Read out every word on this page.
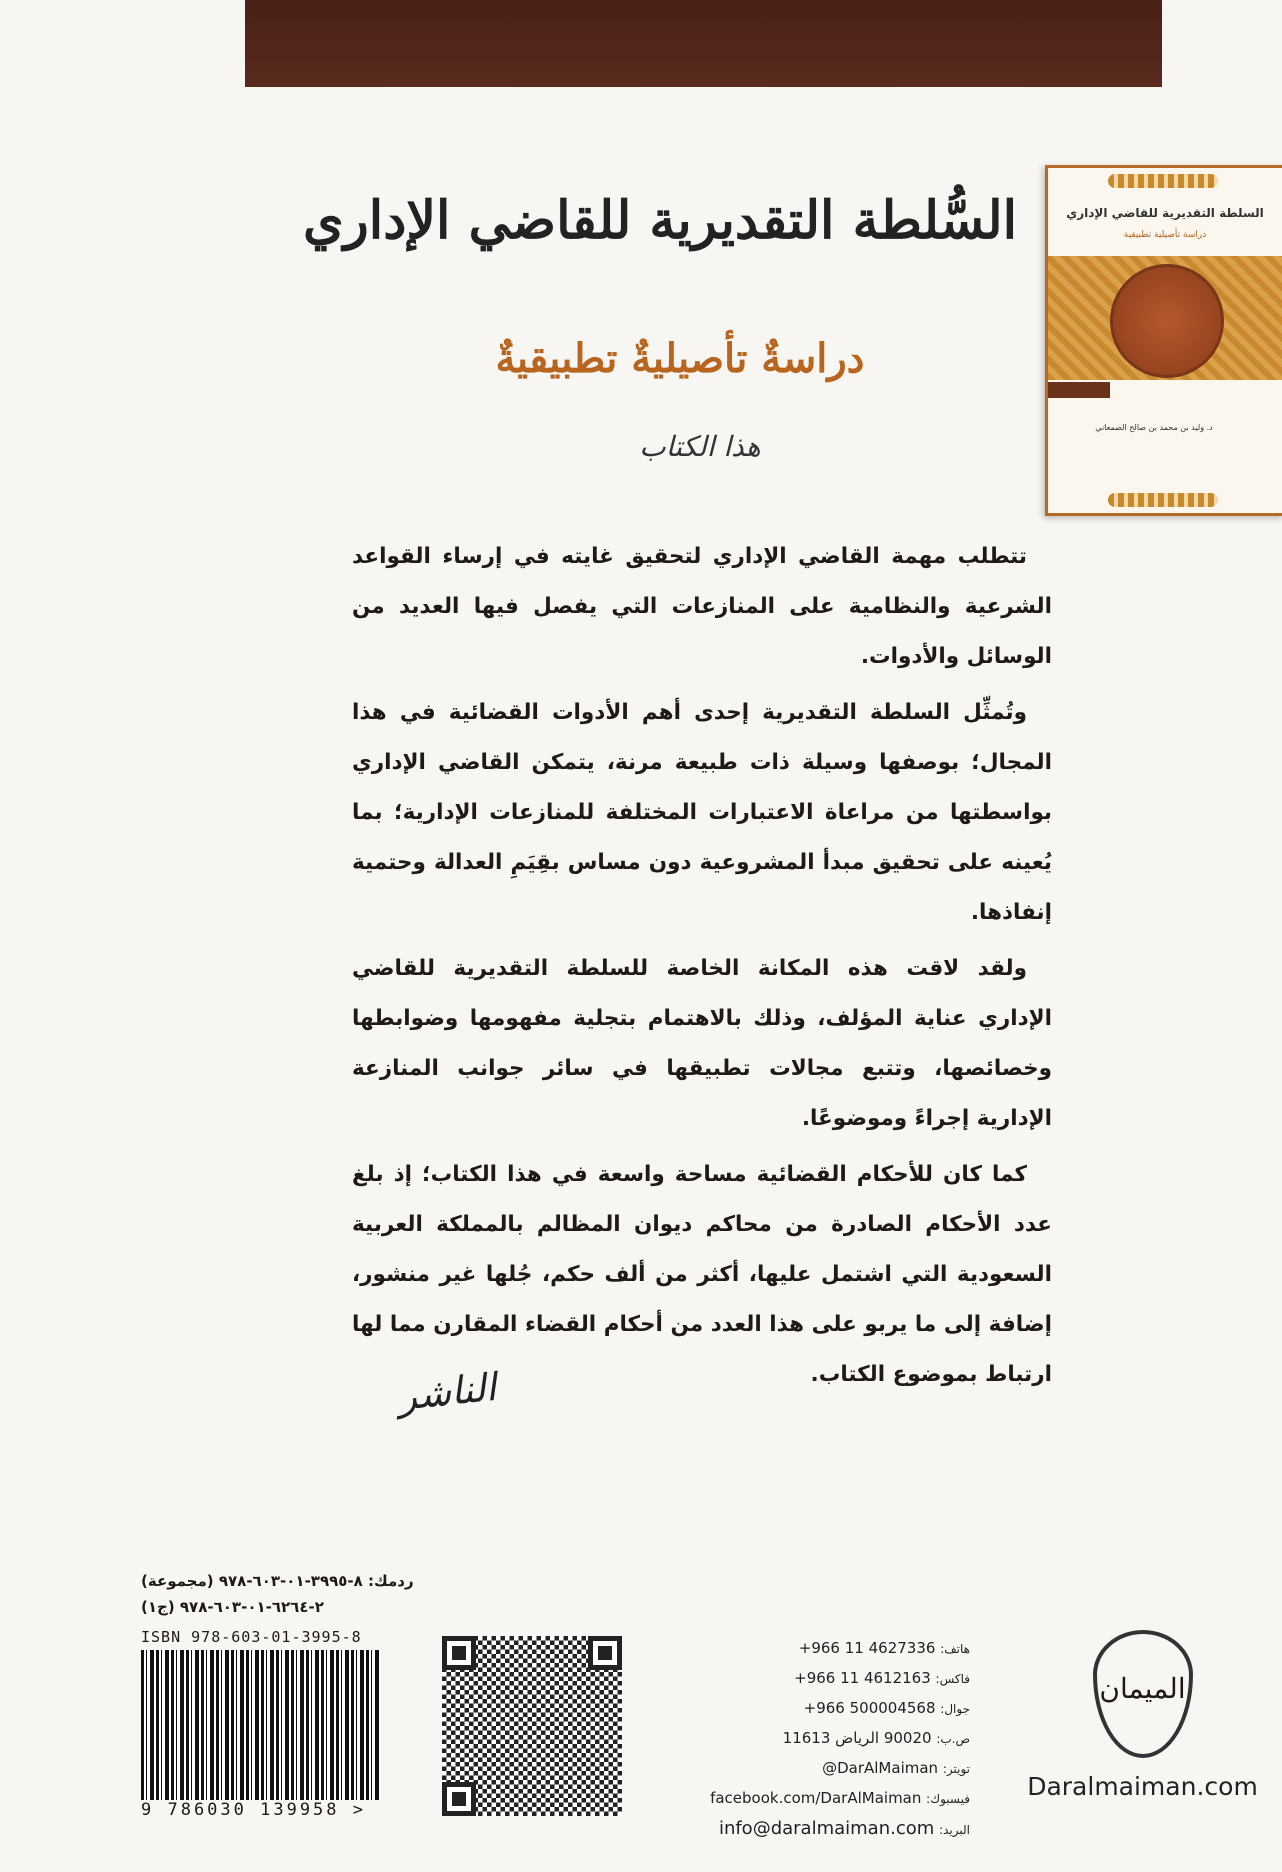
السلطة التقديرية للقاضي الإداري
دراسة تأصيلية تطبيقية
د. وليد بن محمد بن صالح الصمعاني
السُّلطة التقديرية للقاضي الإداري
دراسةٌ تأصيليةٌ تطبيقيةٌ
هذا الكتاب

تتطلب مهمة القاضي الإداري لتحقيق غايته في إرساء القواعد الشرعية والنظامية على المنازعات التي يفصل فيها العديد من الوسائل والأدوات.

وتُمثِّل السلطة التقديرية إحدى أهم الأدوات القضائية في هذا المجال؛ بوصفها وسيلة ذات طبيعة مرنة، يتمكن القاضي الإداري بواسطتها من مراعاة الاعتبارات المختلفة للمنازعات الإدارية؛ بما يُعينه على تحقيق مبدأ المشروعية دون مساس بقِيَمِ العدالة وحتمية إنفاذها.

ولقد لاقت هذه المكانة الخاصة للسلطة التقديرية للقاضي الإداري عناية المؤلف، وذلك بالاهتمام بتجلية مفهومها وضوابطها وخصائصها، وتتبع مجالات تطبيقها في سائر جوانب المنازعة الإدارية إجراءً وموضوعًا.

كما كان للأحكام القضائية مساحة واسعة في هذا الكتاب؛ إذ بلغ عدد الأحكام الصادرة من محاكم ديوان المظالم بالمملكة العربية السعودية التي اشتمل عليها، أكثر من ألف حكم، جُلها غير منشور، إضافة إلى ما يربو على هذا العدد من أحكام القضاء المقارن مما لها ارتباط بموضوع الكتاب.

الناشر
ردمك: ٨-٣٩٩٥-٠١-٦٠٣-٩٧٨ (مجموعة)
٢-٦٢٦٤-٠١-٦٠٣-٩٧٨ (ج١)
ISBN 978-603-01-3995-8
9 786030 139958 >
هاتف: +966 11 4627336
فاكس: +966 11 4612163
جوال: +966 500004568
ص.ب: 90020 الرياض 11613
تويتر: @DarAlMaiman
فيسبوك: facebook.com/DarAlMaiman
البريد: info@daralmaiman.com
الميمان
Daralmaiman.com
